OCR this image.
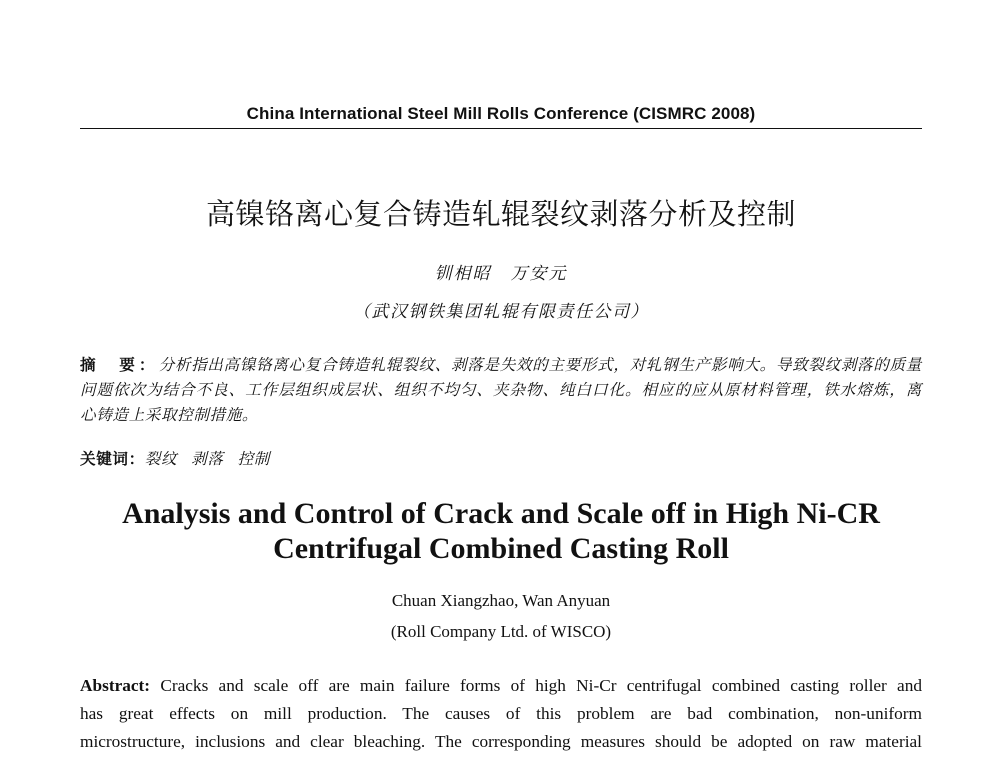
China International Steel Mill Rolls Conference (CISMRC 2008)
高镍铬离心复合铸造轧辊裂纹剥落分析及控制
钏相昭　万安元
（武汉钢铁集团轧辊有限责任公司）
摘　要：分析指出高镍铬离心复合铸造轧辊裂纹、剥落是失效的主要形式，对轧钢生产影响大。导致裂纹剥落的质量问题依次为结合不良、工作层组织成层状、组织不均匀、夹杂物、纯白口化。相应的应从原材料管理，铁水熔炼，离心铸造上采取控制措施。
关键词：裂纹 剥落 控制
Analysis and Control of Crack and Scale off in High Ni-CR
Centrifugal Combined Casting Roll
Chuan Xiangzhao, Wan Anyuan
(Roll Company Ltd. of WISCO)
Abstract: Cracks and scale off are main failure forms of high Ni-Cr centrifugal combined casting roller and
has great effects on mill production. The causes of this problem are bad combination, non-uniform
microstructure, inclusions and clear bleaching. The corresponding measures should be adopted on raw material
